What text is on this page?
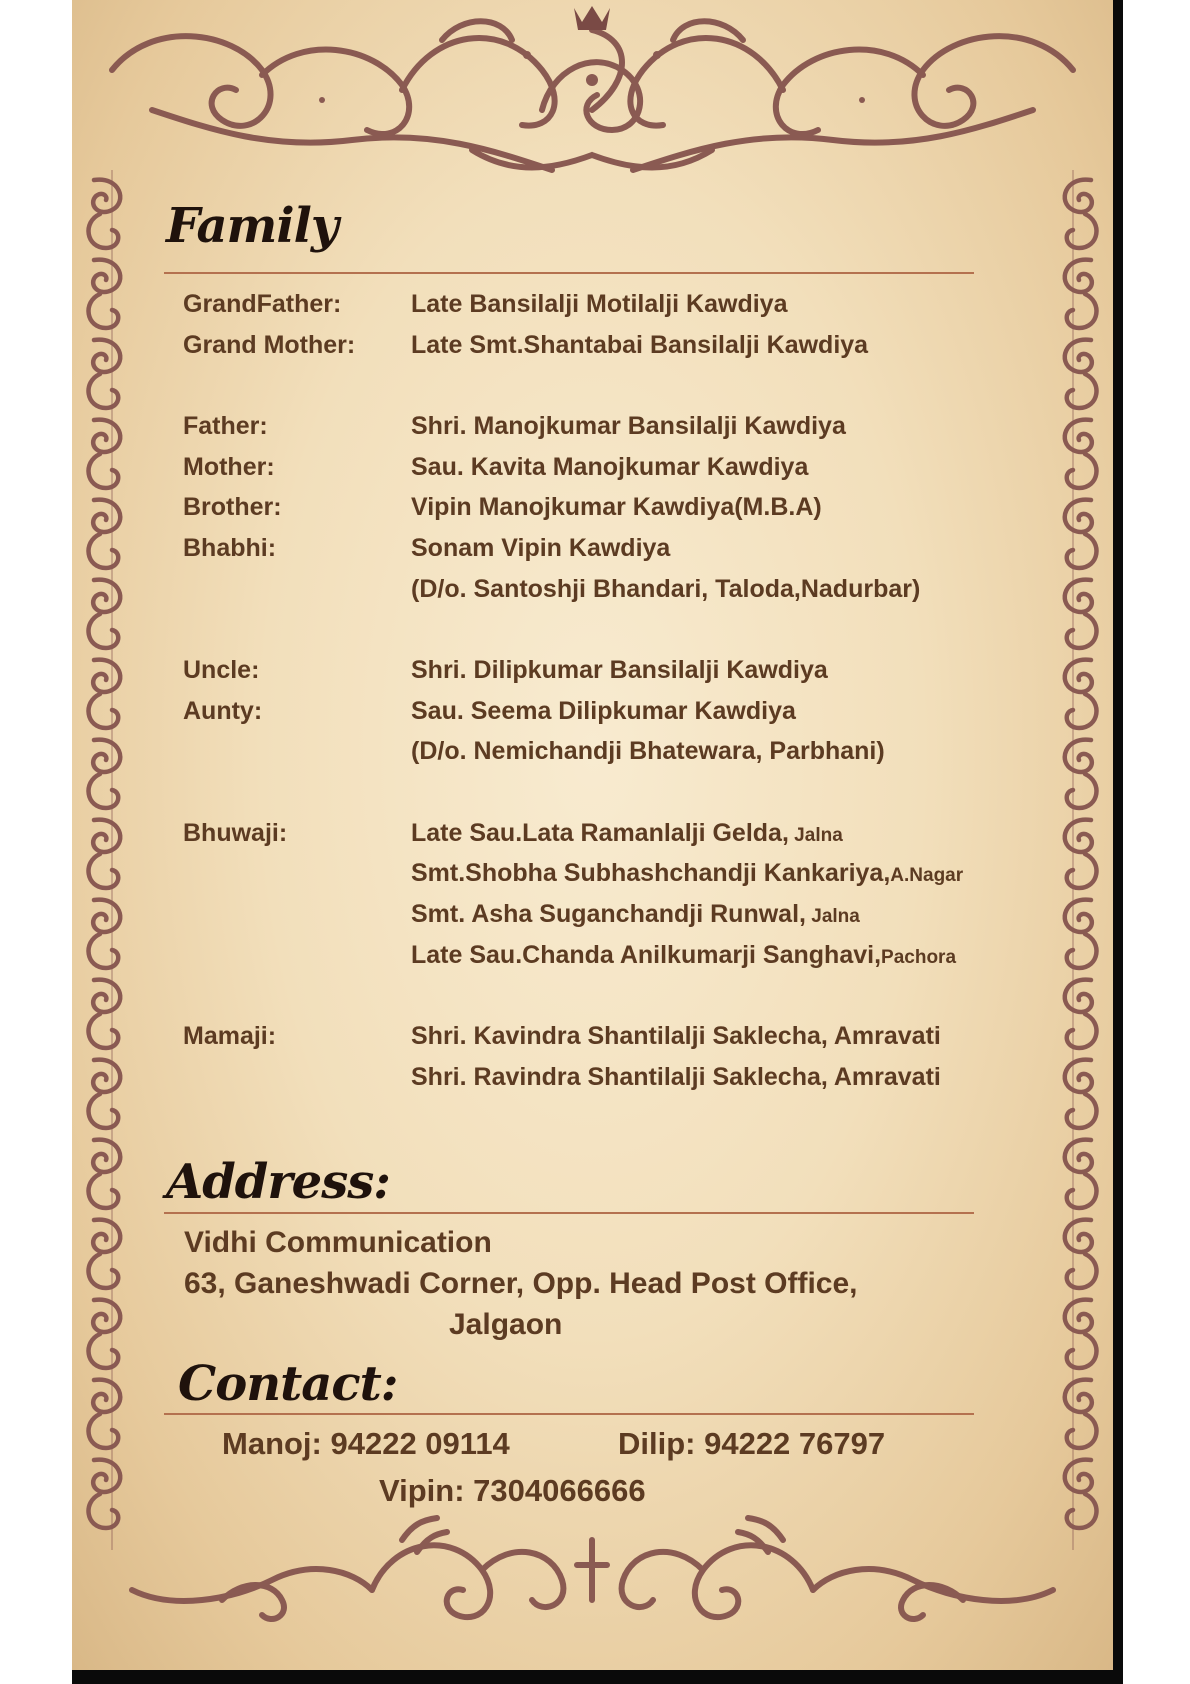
Family
GrandFather:	Late Bansilalji Motilalji Kawdiya
Grand Mother: Late Smt.Shantabai Bansilalji Kawdiya
Father:	Shri. Manojkumar Bansilalji Kawdiya
Mother:	Sau. Kavita Manojkumar Kawdiya
Brother:	Vipin Manojkumar Kawdiya(M.B.A)
Bhabhi:	Sonam Vipin Kawdiya
(D/o. Santoshji Bhandari, Taloda,Nadurbar)
Uncle:	Shri. Dilipkumar Bansilalji Kawdiya
Aunty:	Sau. Seema Dilipkumar Kawdiya
(D/o. Nemichandji Bhatewara, Parbhani)
Bhuwaji:	Late Sau.Lata Ramanlalji Gelda, Jalna
Smt.Shobha Subhashchandji Kankariya,A.Nagar
Smt. Asha Suganchandji Runwal, Jalna
Late Sau.Chanda Anilkumarji Sanghavi,Pachora
Mamaji:	Shri. Kavindra Shantilalji Saklecha, Amravati
Shri. Ravindra Shantilalji Saklecha, Amravati
Address:
Vidhi Communication
63, Ganeshwadi Corner, Opp. Head Post Office,
Jalgaon
Contact:
Manoj: 94222 09114	Dilip: 94222 76797
Vipin: 7304066666
